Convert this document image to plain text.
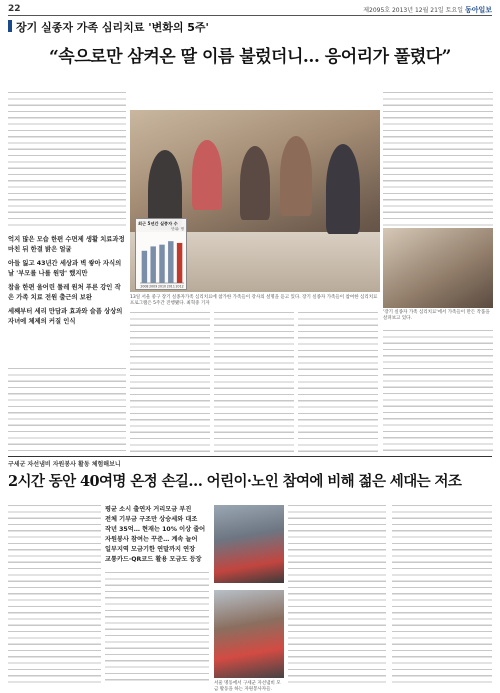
22	제2095호 2013년 12월 21일 토요일 동아일보
장기 실종자 가족 심리치료 '변화의 5주'
“속으로만 삼켜온 딸 이름 불렀더니… 응어리가 풀렸다”

억지 많은 모습 한편 수면제 생활 치료과정 마친 뒤 한결 밝은 얼굴

아들 잃고 43년간 세상과 벽 쌓아 자식의 날 '부모를 나를 원망' 했지만

참을 한편 울어린 툴레 원처 푸른 강인 작은 가족 치료 전원 출근의 보완

세째부터 세리 만담과 효과와 슬픔 상상의 자녀에 체제의 커질 인식

최근 5년간 실종자 수
단위: 명
2008 2009 2010 2011 2012
13일 서울 중구 장기 실종자가족 심리치료에 참가한 가족들이 강사의 설명을 듣고 있다. 장기 실종자 가족들이 참여한 심리치료 프로그램은 5주간 진행됐다. 최혁중 기자
'장기 실종자 가족 심리치료'에서 가족들이 만든 작품을 살펴보고 있다.
구세군 자선냄비 자원봉사 활동 체험해보니
2시간 동안 40여명 온정 손길… 어린이·노인 참여에 비해 젊은 세대는 저조
평균 소시 출연자 거리모금 부진
전체 기부금 구조만 상승세와 대조
작년 35억… 현재는 10% 이상 줄어
자원봉사 참여는 꾸준… 계속 늘어
일부지역 모금기한 연말까지 연장
교통카드·QR코드 활용 모금도 등장
서울 명동에서 구세군 자선냄비 모금 활동을 하는 자원봉사자들.
